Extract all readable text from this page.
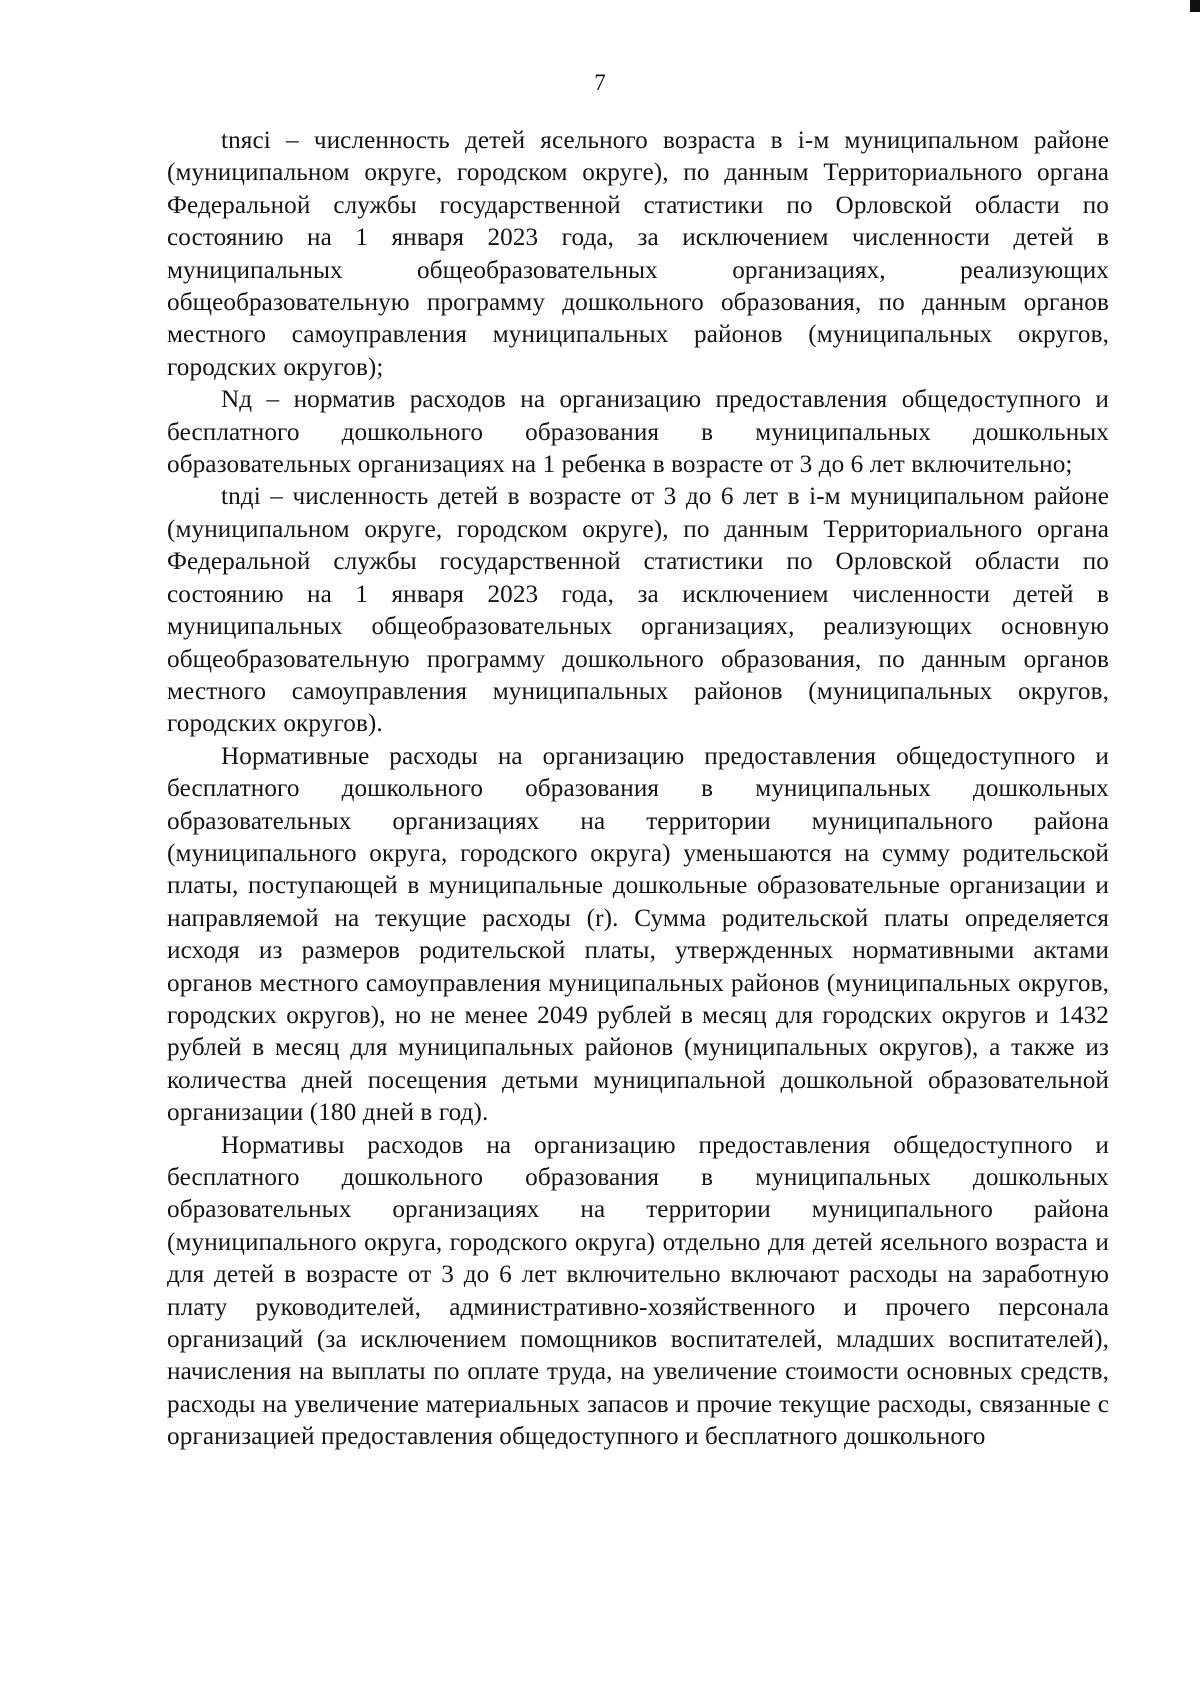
7

tnясi – численность детей ясельного возраста в i-м муниципальном районе (муниципальном округе, городском округе), по данным Территориального органа Федеральной службы государственной статистики по Орловской области по состоянию на 1 января 2023 года, за исключением численности детей в муниципальных общеобразовательных организациях, реализующих общеобразовательную программу дошкольного образования, по данным органов местного самоуправления муниципальных районов (муниципальных округов, городских округов);

Nд – норматив расходов на организацию предоставления общедоступного и бесплатного дошкольного образования в муниципальных дошкольных образовательных организациях на 1 ребенка в возрасте от 3 до 6 лет включительно;

tnдi – численность детей в возрасте от 3 до 6 лет в i-м муниципальном районе (муниципальном округе, городском округе), по данным Территориального органа Федеральной службы государственной статистики по Орловской области по состоянию на 1 января 2023 года, за исключением численности детей в муниципальных общеобразовательных организациях, реализующих основную общеобразовательную программу дошкольного образования, по данным органов местного самоуправления муниципальных районов (муниципальных округов, городских округов).

Нормативные расходы на организацию предоставления общедоступного и бесплатного дошкольного образования в муниципальных дошкольных образовательных организациях на территории муниципального района (муниципального округа, городского округа) уменьшаются на сумму родительской платы, поступающей в муниципальные дошкольные образовательные организации и направляемой на текущие расходы (r). Сумма родительской платы определяется исходя из размеров родительской платы, утвержденных нормативными актами органов местного самоуправления муниципальных районов (муниципальных округов, городских округов), но не менее 2049 рублей в месяц для городских округов и 1432 рублей в месяц для муниципальных районов (муниципальных округов), а также из количества дней посещения детьми муниципальной дошкольной образовательной организации (180 дней в год).

Нормативы расходов на организацию предоставления общедоступного и бесплатного дошкольного образования в муниципальных дошкольных образовательных организациях на территории муниципального района (муниципального округа, городского округа) отдельно для детей ясельного возраста и для детей в возрасте от 3 до 6 лет включительно включают расходы на заработную плату руководителей, административно-хозяйственного и прочего персонала организаций (за исключением помощников воспитателей, младших воспитателей), начисления на выплаты по оплате труда, на увеличение стоимости основных средств, расходы на увеличение материальных запасов и прочие текущие расходы, связанные с организацией предоставления общедоступного и бесплатного дошкольного
